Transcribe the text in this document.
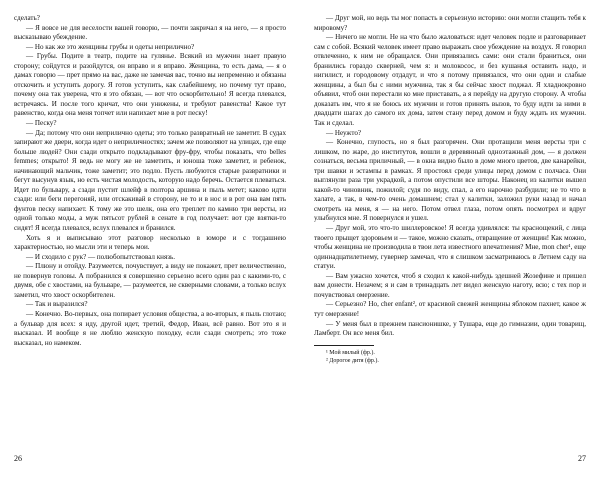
сделать?

— Я вовсе не для веселости вашей говорю, — почти закричал я на него, — я просто высказываю убеждение.

— Но как же это женщины грубы и одеты неприлично?

— Грубы. Подите в театр, подите на гулянье. Всякий из мужчин знает правую сторону; сойдутся и разойдутся, он вправо и я вправо. Женщина, то есть дама, — я о дамах говорю — прет прямо на вас, даже не замечая вас, точно вы непременно и обязаны отскочить и уступить дорогу. Я готов уступить, как слабейшему, но почему тут право, почему она так уверена, что я это обязан, — вот что оскорбительно! Я всегда плевался, встречаясь. И после того кричат, что они унижены, и требуют равенства! Какое тут равенство, когда она меня топчет или напихает мне в рот песку!

— Песку?

— Да; потому что они неприлично одеты; это только развратный не заметит. В судах запирают же двери, когда идет о неприличностях; зачем же позволяют на улицах, где еще больше людей? Они сзади открыто подкладывают фру-фру, чтобы показать, что belles femmes; открыто! Я ведь не могу же не заметить, и юноша тоже заметит, и ребенок, начинающий мальчик, тоже заметит; это подло. Пусть любуются старые развратники и бегут высунув язык, но есть чистая молодость, которую надо беречь. Остается плеваться. Идет по бульвару, а сзади пустит шлейф в полтора аршина и пыль метет; каково идти сзади: или беги перегоняй, или отскакивай в сторону, не то и в нос и в рот она вам пять фунтов песку напихает. К тому же это шелк, она его треплет по камню три версты, из одной только моды, а муж пятьсот рублей в сенате в год получает: вот где взятки-то сидят! Я всегда плевался, вслух плевался и бранился.

Хоть я и выписываю этот разговор несколько в юморе и с тогдашнею характерностью, но мысли эти и теперь мои.

— И сходило с рук? — полюбопытствовал князь.

— Плюну и отойду. Разумеется, почувствует, а виду не покажет, прет величественно, не повернув головы. А побранился я совершенно серьезно всего один раз с какими-то, с двумя, обе с хвостами, на бульваре, — разумеется, не скверными словами, а только вслух заметил, что хвост оскорбителен.

— Так и выразился?

— Конечно. Во-первых, она попирает условия общества, а во-вторых, я пыль глотаю; а бульвар для всех: я иду, другой идет, третий, Федор, Иван, всё равно. Вот это я и высказал. И вообще я не люблю женскую походку, если сзади смотреть; это тоже высказал, но намеком.

26

— Друг мой, но ведь ты мог попасть в серьезную историю: они могли стащить тебя к мировому?

— Ничего не могли. Не на что было жаловаться: идет человек подле и разговаривает сам с собой. Всякий человек имеет право выражать свое убеждение на воздух. Я говорил отвлеченно, к ним не обращался. Они привязались сами: они стали браниться, они бранились гораздо скверней, чем я: и молокосос, и без кушанья оставить надо, и нигилист, и городовому отдадут, и что я потому привязался, что они одни и слабые женщины, а был бы с ними мужчина, так я бы сейчас хвост поджал. Я хладнокровно объявил, чтоб они перестали ко мне приставать, а я перейду на другую сторону. А чтобы доказать им, что я не боюсь их мужчин и готов принять вызов, то буду идти за ними в двадцати шагах до самого их дома, затем стану перед домом и буду ждать их мужчин. Так и сделал.

— Неужто?

— Конечно, глупость, но я был разгорячен. Они протащили меня версты три с лишком, по жаре, до институтов, вошли в деревянный одноэтажный дом, — я должен сознаться, весьма приличный, — в окна видно было в доме много цветов, две канарейки, три шавки и эстампы в рамках. Я простоял среди улицы перед домом с полчаса. Они выглянули раза три украдкой, а потом опустили все шторы. Наконец из калитки вышел какой-то чиновник, пожилой; судя по виду, спал, а его нарочно разбудили; не то что в халате, а так, в чем-то очень домашнем; стал у калитки, заложил руки назад и начал смотреть на меня, я — на него. Потом отвел глаза, потом опять посмотрел и вдруг улыбнулся мне. Я повернулся и ушел.

— Друг мой, это что-то шиллеровское! Я всегда удивлялся: ты краснощекий, с лица твоего прыщет здоровьем и — такое, можно сказать, отвращение от женщин! Как можно, чтобы женщина не производила в твои лета известного впечатления? Мне, mon cher¹, еще одиннадцатилетнему, гувернер замечал, что я слишком засматриваюсь в Летнем саду на статуи.

— Вам ужасно хочется, чтоб я сходил к какой-нибудь здешней Жозефине и пришел вам донести. Незачем; я и сам в тринадцать лет видел женскую наготу, всю; с тех пор и почувствовал омерзение.

— Серьезно? Но, cher enfant², от красивой свежей женщины яблоком пахнет, какое ж тут омерзение!

— У меня был в прежнем пансионишке, у Тушара, еще до гимназии, один товарищ, Ламберт. Он все меня бил.

¹ Мой милый (фр.).

² Дорогое дитя (фр.).

27
